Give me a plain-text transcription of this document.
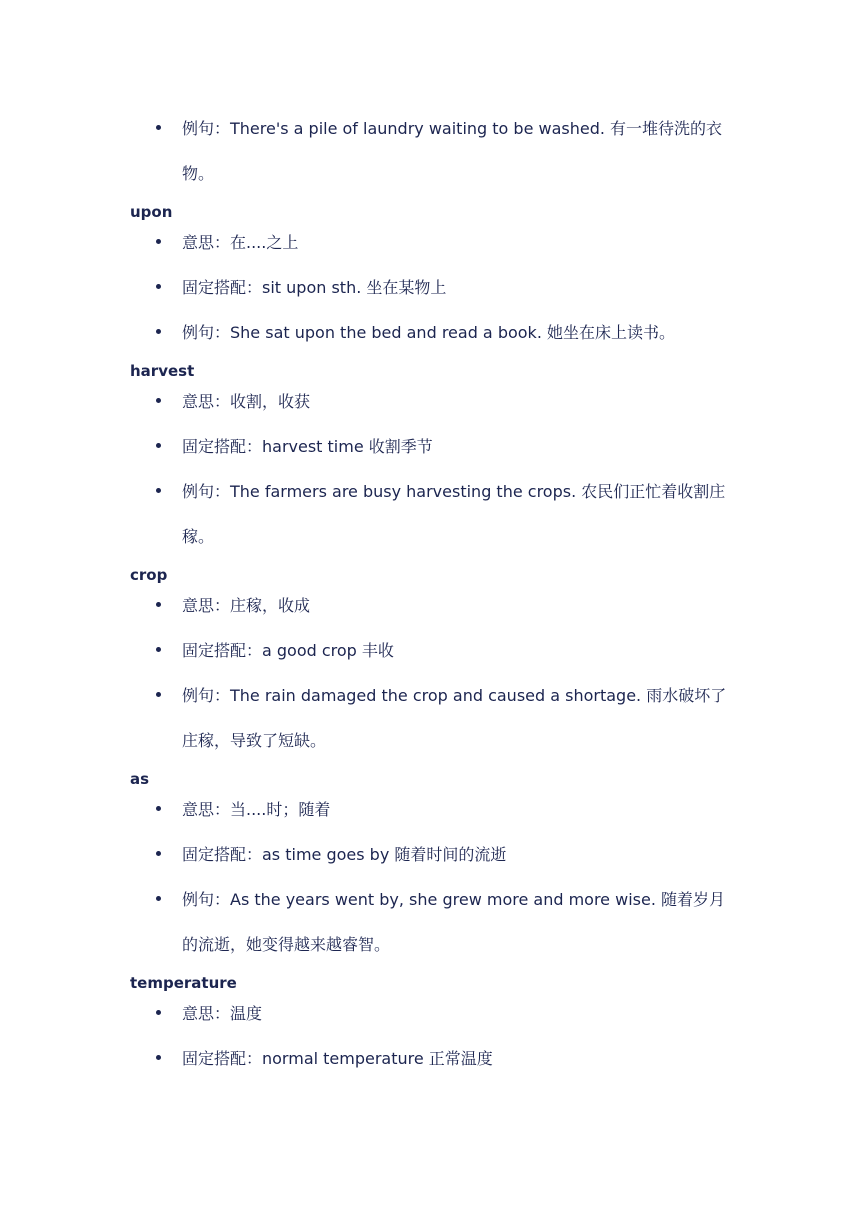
例句：There's a pile of laundry waiting to be washed. 有一堆待洗的衣物。
upon
意思：在....之上
固定搭配：sit upon sth. 坐在某物上
例句：She sat upon the bed and read a book. 她坐在床上读书。
harvest
意思：收割，收获
固定搭配：harvest time 收割季节
例句：The farmers are busy harvesting the crops. 农民们正忙着收割庄稼。
crop
意思：庄稼，收成
固定搭配：a good crop 丰收
例句：The rain damaged the crop and caused a shortage. 雨水破坏了庄稼，导致了短缺。
as
意思：当....时；随着
固定搭配：as time goes by 随着时间的流逝
例句：As the years went by, she grew more and more wise. 随着岁月的流逝，她变得越来越睿智。
temperature
意思：温度
固定搭配：normal temperature 正常温度
